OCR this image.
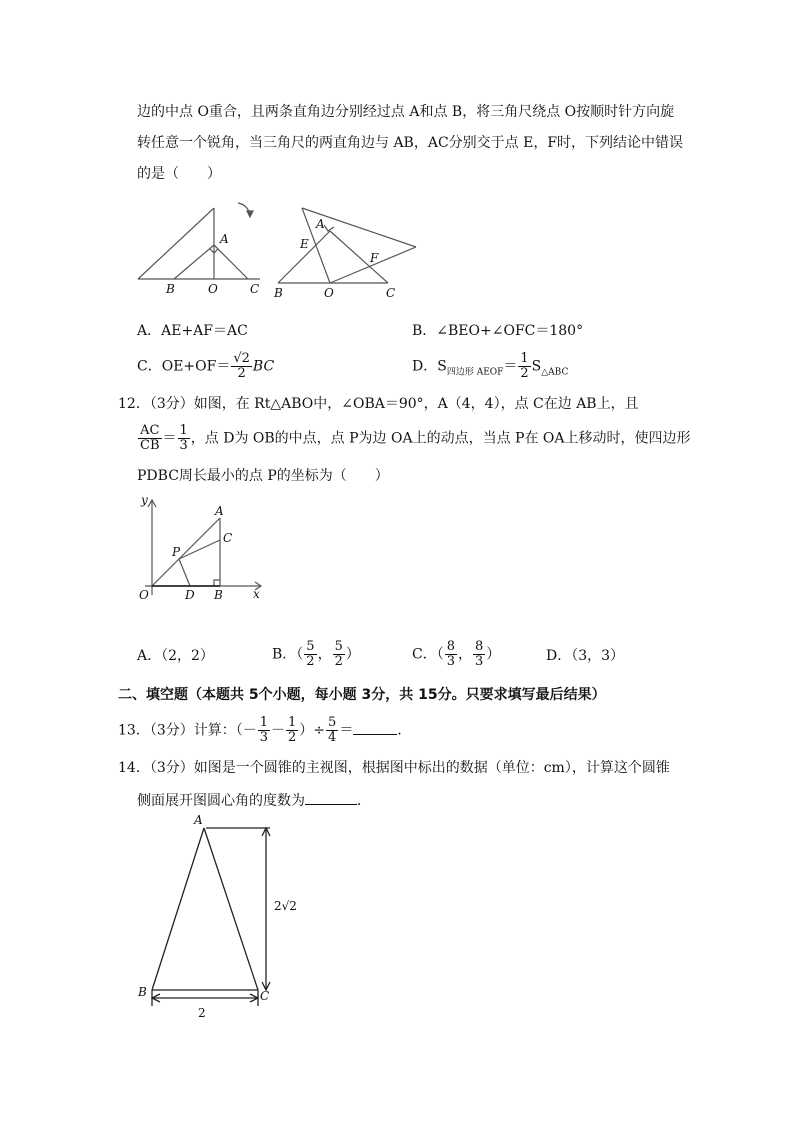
边的中点 O重合，且两条直角边分别经过点 A和点 B，将三角尺绕点 O按顺时针方向旋
转任意一个锐角，当三角尺的两直角边与 AB，AC分别交于点 E，F时，下列结论中错误
的是（　　）
A
B	O	C
A
E
F
B	O	C
A．AE+AF＝AC	B．∠BEO+∠OFC＝180°
C．$OE+OF= \frac{√2}{2}$ BC	D．$S_{四边形 AEOF}= \frac{1}{2} S_{\triangle ABC}$
12．（3分）如图，在 Rt△ABO中，∠OBA＝90°，A（4，4），点 C在边 AB上，且
$\frac{AC}{CB} = \frac{1}{3}$ ，点 D为 OB的中点，点 P为边 OA上的动点，当点 P在 OA上移动时，使四边形
PDBC周长最小的点 P的坐标为（　　）
y
x
O	D B
A
C
P
A．（2，2）	B．（ $\frac{5}{2}$ ， $\frac{5}{2}$ ）	C．（ $\frac{8}{3}$ ， $\frac{8}{3}$ ）	D．（3，3）
二、填空题（本题共 5个小题，每小题 3分，共 15分。只要求填写最后结果）
13．（3分）计算：（－ $\frac{1}{3} - \frac{1}{2}$ ）÷ $\frac{5}{4}$ ＝	．
14．（3分）如图是一个圆锥的主视图，根据图中标出的数据（单位：cm），计算这个圆锥
侧面展开图圆心角的度数为	．
A
B	C
2√2
2
